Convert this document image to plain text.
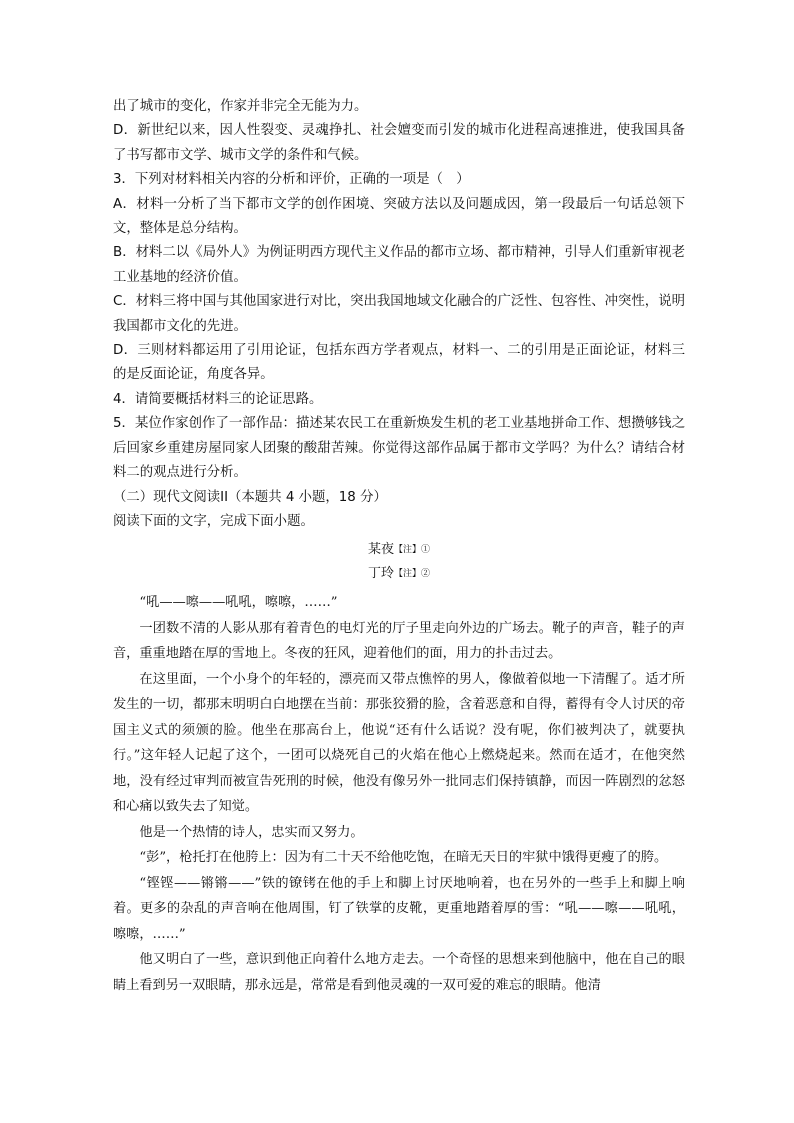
出了城市的变化，作家并非完全无能为力。

D．新世纪以来，因人性裂变、灵魂挣扎、社会嬗变而引发的城市化进程高速推进，使我国具备了书写都市文学、城市文学的条件和气候。

3．下列对材料相关内容的分析和评价，正确的一项是（　）

A．材料一分析了当下都市文学的创作困境、突破方法以及问题成因，第一段最后一句话总领下文，整体是总分结构。

B．材料二以《局外人》为例证明西方现代主义作品的都市立场、都市精神，引导人们重新审视老工业基地的经济价值。

C．材料三将中国与其他国家进行对比，突出我国地域文化融合的广泛性、包容性、冲突性，说明我国都市文化的先进。

D．三则材料都运用了引用论证，包括东西方学者观点，材料一、二的引用是正面论证，材料三的是反面论证，角度各异。

4．请简要概括材料三的论证思路。

5．某位作家创作了一部作品：描述某农民工在重新焕发生机的老工业基地拼命工作、想攒够钱之后回家乡重建房屋同家人团聚的酸甜苦辣。你觉得这部作品属于都市文学吗？为什么？请结合材料二的观点进行分析。

（二）现代文阅读II（本题共 4 小题，18 分）

阅读下面的文字，完成下面小题。

某夜【注】①

丁玲【注】②

“吼——嚓——吼吼，嚓嚓，……”

一团数不清的人影从那有着青色的电灯光的厅子里走向外边的广场去。靴子的声音，鞋子的声音，重重地踏在厚的雪地上。冬夜的狂风，迎着他们的面，用力的扑击过去。

在这里面，一个小身个的年轻的，漂亮而又带点憔悴的男人，像做着似地一下清醒了。适才所发生的一切，都那末明明白白地摆在当前：那张狡猾的脸，含着恶意和自得，蓄得有令人讨厌的帝国主义式的须颁的脸。他坐在那高台上，他说“还有什么话说？没有呢，你们被判决了，就要执行。”这年轻人记起了这个，一团可以烧死自己的火焰在他心上燃烧起来。然而在适才，在他突然地，没有经过审判而被宣告死刑的时候，他没有像另外一批同志们保持镇静，而因一阵剧烈的忿怒和心痛以致失去了知觉。

他是一个热情的诗人，忠实而又努力。

“彭”，枪托打在他胯上：因为有二十天不给他吃饱，在暗无天日的牢狱中饿得更瘦了的胯。

“铿铿——锵锵——”铁的镣铐在他的手上和脚上讨厌地响着，也在另外的一些手上和脚上响着。更多的杂乱的声音响在他周围，钉了铁掌的皮靴，更重地踏着厚的雪：“吼——嚓——吼吼，嚓嚓，……”

他又明白了一些，意识到他正向着什么地方走去。一个奇怪的思想来到他脑中，他在自己的眼睛上看到另一双眼睛，那永远是，常常是看到他灵魂的一双可爱的难忘的眼睛。他清
